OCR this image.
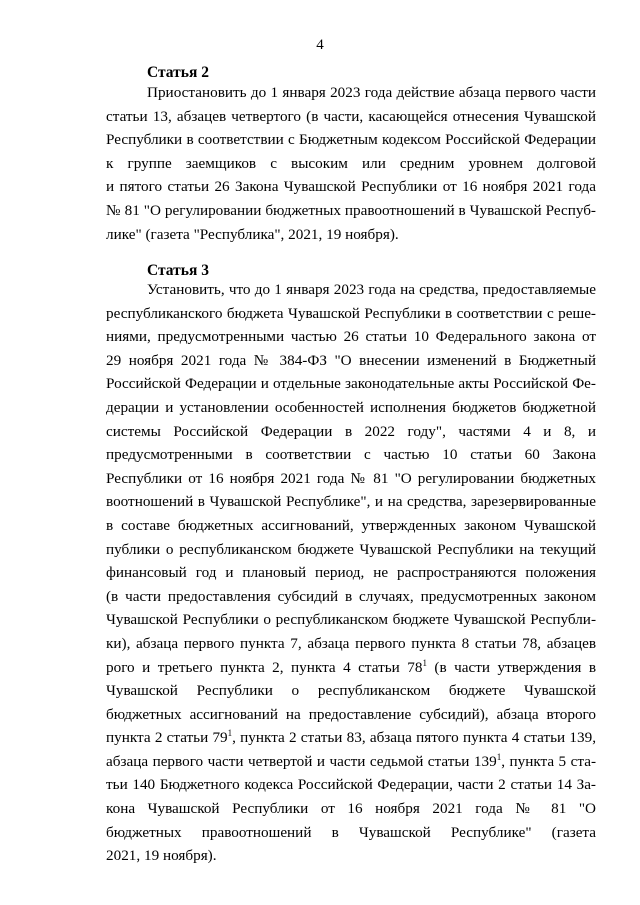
4
Статья 2
Приостановить до 1 января 2023 года действие абзаца первого части
статьи 13, абзацев четвертого (в части, касающейся отнесения Чувашской
Республики в соответствии с Бюджетным кодексом Российской Федерации
к группе заемщиков с высоким или средним уровнем долговой
и пятого статьи 26 Закона Чувашской Республики от 16 ноября 2021 года
№ 81 "О регулировании бюджетных правоотношений в Чувашской Респуб-
лике" (газета "Республика", 2021, 19 ноября).
Статья 3
Установить, что до 1 января 2023 года на средства, предоставляемые
республиканского бюджета Чувашской Республики в соответствии с реше-
ниями, предусмотренными частью 26 статьи 10 Федерального закона от
29 ноября 2021 года № 384-ФЗ "О внесении изменений в Бюджетный
Российской Федерации и отдельные законодательные акты Российской Фе-
дерации и установлении особенностей исполнения бюджетов бюджетной
системы Российской Федерации в 2022 году", частями 4 и 8, и
предусмотренными в соответствии с частью 10 статьи 60 Закона
Республики от 16 ноября 2021 года № 81 "О регулировании бюджетных
воотношений в Чувашской Республике", и на средства, зарезервированные
в составе бюджетных ассигнований, утвержденных законом Чувашской
публики о республиканском бюджете Чувашской Республики на текущий
финансовый год и плановый период, не распространяются положения
(в части предоставления субсидий в случаях, предусмотренных законом
Чувашской Республики о республиканском бюджете Чувашской Республи-
ки), абзаца первого пункта 7, абзаца первого пункта 8 статьи 78, абзацев
рого и третьего пункта 2, пункта 4 статьи $78^1$ (в части утверждения в
Чувашской Республики о республиканском бюджете Чувашской
бюджетных ассигнований на предоставление субсидий), абзаца второго
пункта 2 статьи $79^1$, пункта 2 статьи 83, абзаца пятого пункта 4 статьи 139,
абзаца первого части четвертой и части седьмой статьи $139^1$, пункта 5 ста-
тьи 140 Бюджетного кодекса Российской Федерации, части 2 статьи 14 За-
кона Чувашской Республики от 16 ноября 2021 года № 81 "О
бюджетных правоотношений в Чувашской Республике" (газета
2021, 19 ноября).
